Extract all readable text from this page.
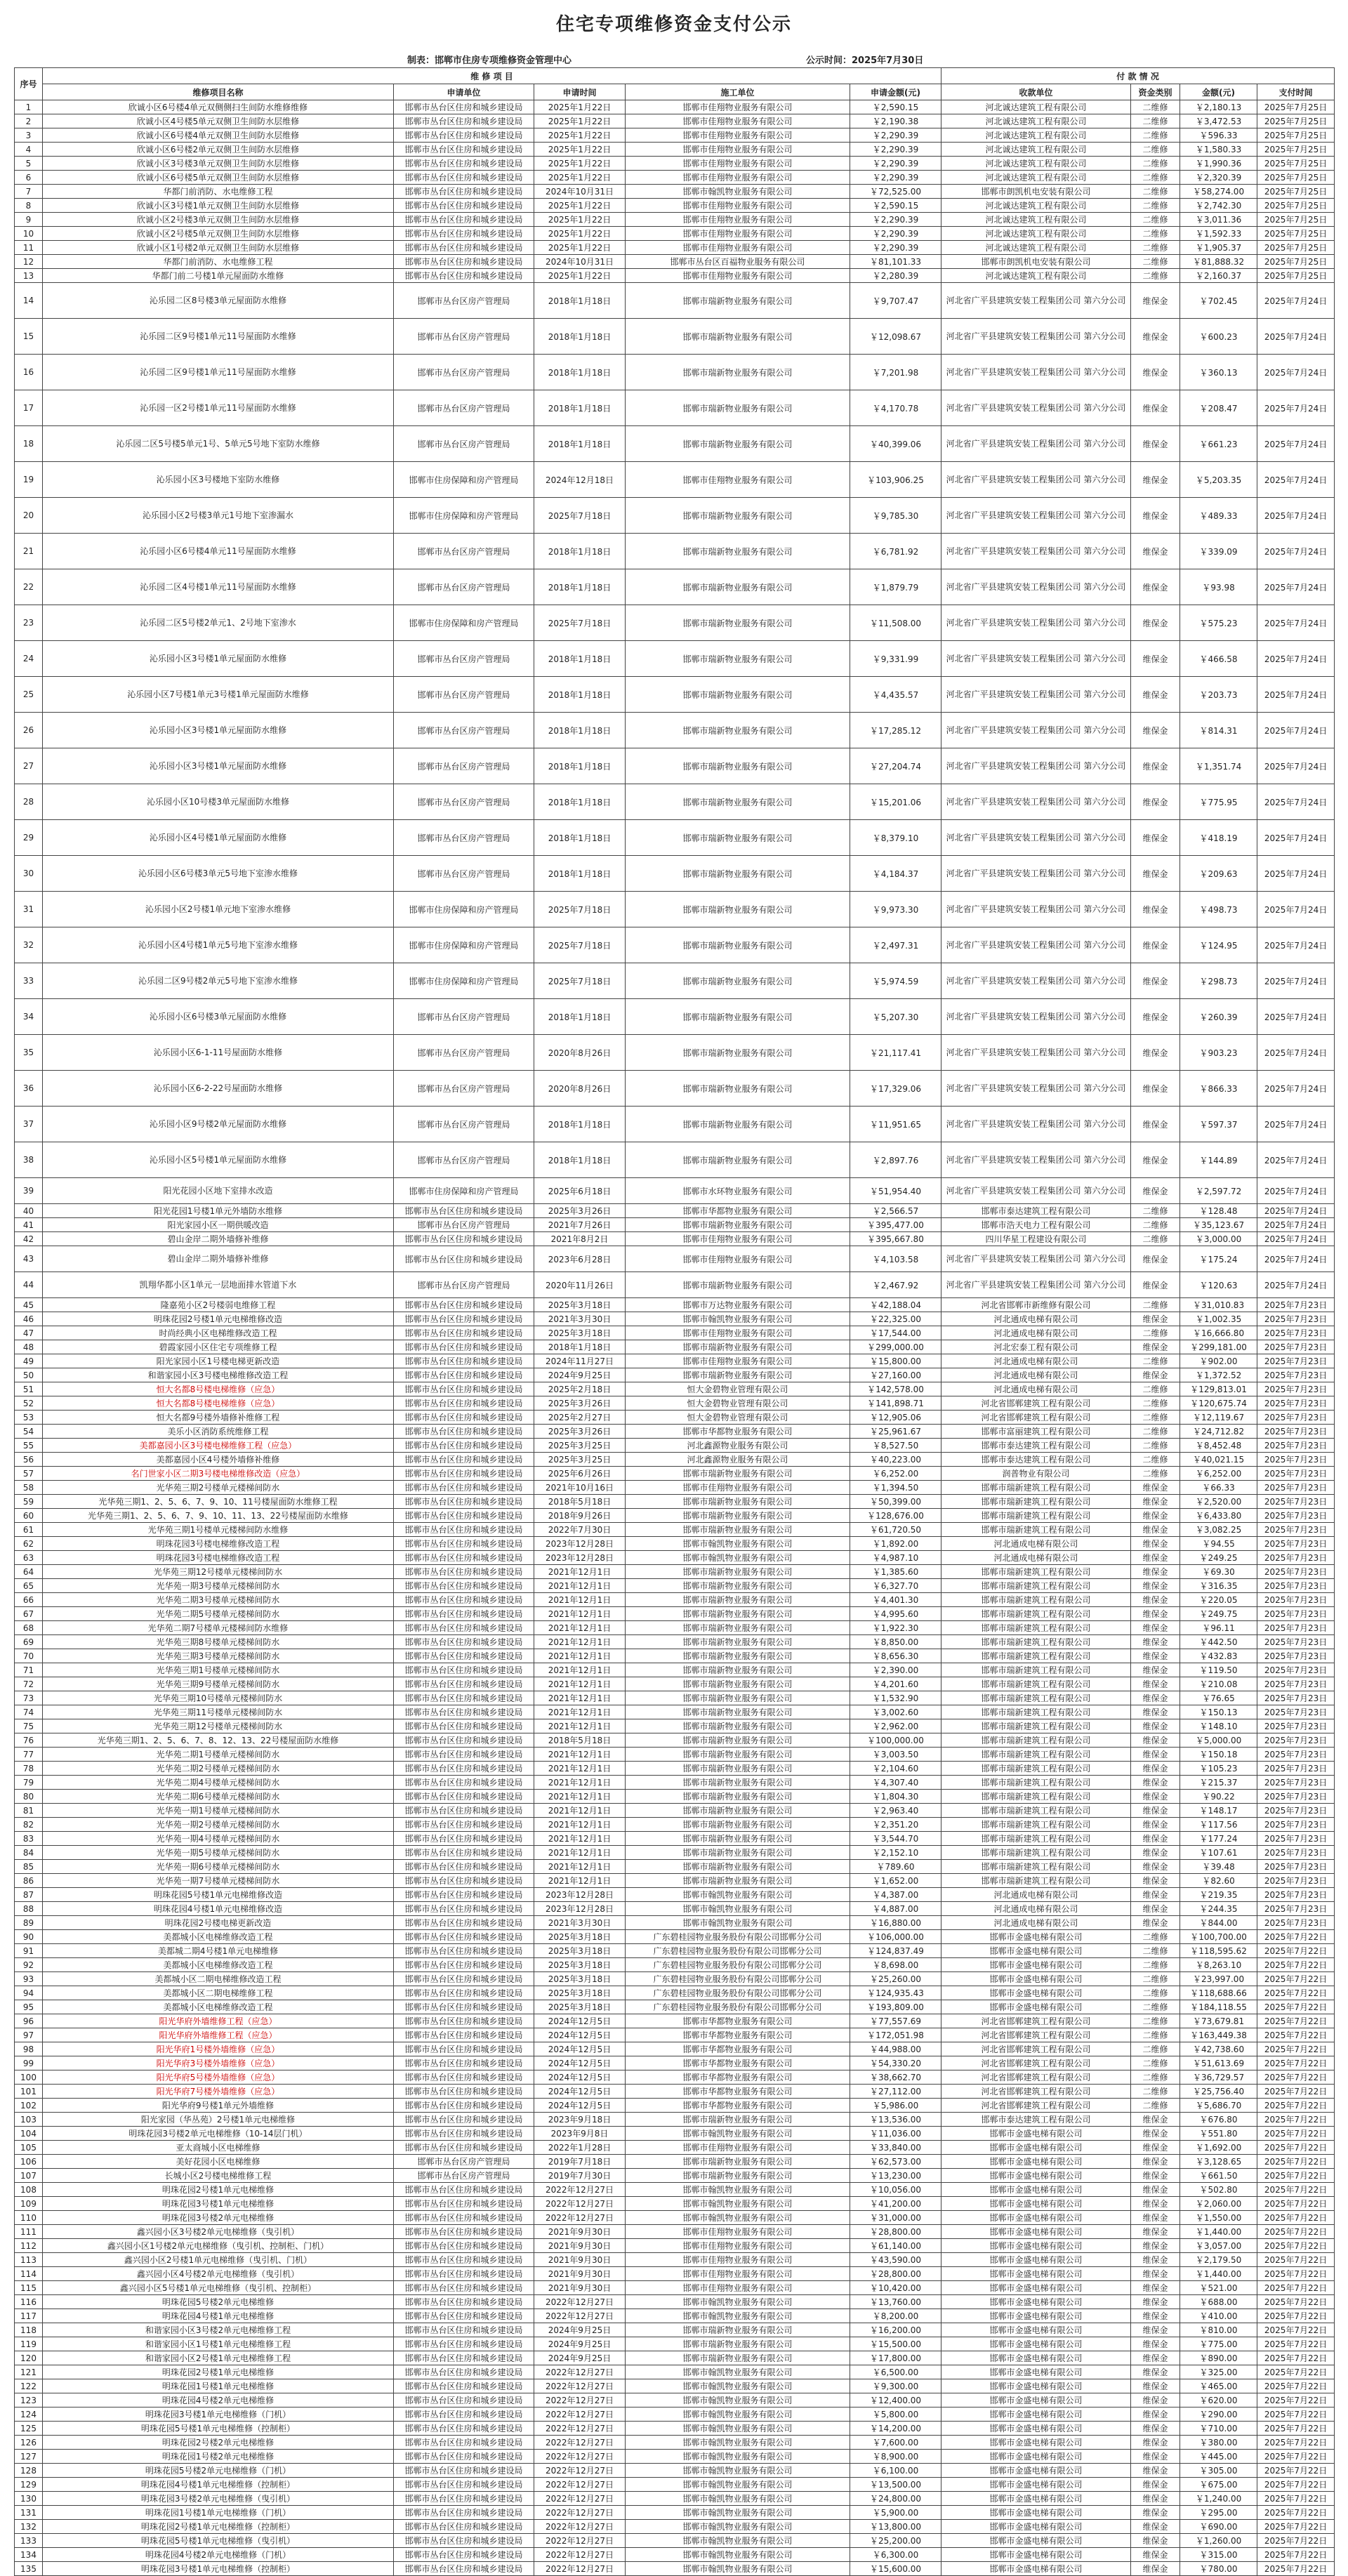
住宅专项维修资金支付公示
制表：邯郸市住房专项维修资金管理中心	公示时间：2025年7月30日
序号	维 修 项 目					付 款 情 况			
	维修项目名称	申请单位	申请时间	施工单位	申请金额(元)	收款单位	资金类别	金额(元)	支付时间
1	欣诚小区6号楼4单元双侧侧扫生间防水维修维修	邯郸市丛台区住房和城乡建设局	2025年1月22日	邯郸市佳翔物业服务有限公司	￥2,590.15	河北诚达建筑工程有限公司	二维修	￥2,180.13	2025年7月25日
2	欣诚小区4号楼5单元双侧卫生间防水层维修	邯郸市丛台区住房和城乡建设局	2025年1月22日	邯郸市佳翔物业服务有限公司	￥2,190.38	河北诚达建筑工程有限公司	二维修	￥3,472.53	2025年7月25日
3	欣诚小区6号楼4单元双侧卫生间防水层维修	邯郸市丛台区住房和城乡建设局	2025年1月22日	邯郸市佳翔物业服务有限公司	￥2,290.39	河北诚达建筑工程有限公司	二维修	￥596.33	2025年7月25日
4	欣诚小区6号楼2单元双侧卫生间防水层维修	邯郸市丛台区住房和城乡建设局	2025年1月22日	邯郸市佳翔物业服务有限公司	￥2,290.39	河北诚达建筑工程有限公司	二维修	￥1,580.33	2025年7月25日
5	欣诚小区3号楼3单元双侧卫生间防水层维修	邯郸市丛台区住房和城乡建设局	2025年1月22日	邯郸市佳翔物业服务有限公司	￥2,290.39	河北诚达建筑工程有限公司	二维修	￥1,990.36	2025年7月25日
6	欣诚小区6号楼5单元双侧卫生间防水层维修	邯郸市丛台区住房和城乡建设局	2025年1月22日	邯郸市佳翔物业服务有限公司	￥2,290.39	河北诚达建筑工程有限公司	二维修	￥2,320.39	2025年7月25日
7	华都门前消防、水电维修工程	邯郸市丛台区住房和城乡建设局	2024年10月31日	邯郸市翰凯物业服务有限公司	￥72,525.00	邯郸市朗凯机电安装有限公司	二维修	￥58,274.00	2025年7月25日
8	欣诚小区3号楼1单元双侧卫生间防水层维修	邯郸市丛台区住房和城乡建设局	2025年1月22日	邯郸市佳翔物业服务有限公司	￥2,590.15	河北诚达建筑工程有限公司	二维修	￥2,742.30	2025年7月25日
9	欣诚小区2号楼3单元双侧卫生间防水层维修	邯郸市丛台区住房和城乡建设局	2025年1月22日	邯郸市佳翔物业服务有限公司	￥2,290.39	河北诚达建筑工程有限公司	二维修	￥3,011.36	2025年7月25日
10	欣诚小区2号楼5单元双侧卫生间防水层维修	邯郸市丛台区住房和城乡建设局	2025年1月22日	邯郸市佳翔物业服务有限公司	￥2,290.39	河北诚达建筑工程有限公司	二维修	￥1,592.33	2025年7月25日
11	欣诚小区1号楼2单元双侧卫生间防水层维修	邯郸市丛台区住房和城乡建设局	2025年1月22日	邯郸市佳翔物业服务有限公司	￥2,290.39	河北诚达建筑工程有限公司	二维修	￥1,905.37	2025年7月25日
12	华都门前消防、水电维修工程	邯郸市丛台区住房和城乡建设局	2024年10月31日	邯郸市丛台区百福物业服务有限公司	￥81,101.33	邯郸市朗凯机电安装有限公司	二维修	￥81,888.32	2025年7月25日
13	华都门前二号楼1单元屋面防水维修	邯郸市丛台区住房和城乡建设局	2025年1月22日	邯郸市佳翔物业服务有限公司	￥2,280.39	河北诚达建筑工程有限公司	二维修	￥2,160.37	2025年7月25日
14	沁乐园二区8号楼3单元屋面防水维修	邯郸市丛台区房产管理局	2018年1月18日	邯郸市瑞新物业服务有限公司	￥9,707.47	河北省广平县建筑安装工程集团公司 第六分公司	维保金	￥702.45	2025年7月24日
15	沁乐园二区9号楼1单元11号屋面防水维修	邯郸市丛台区房产管理局	2018年1月18日	邯郸市瑞新物业服务有限公司	￥12,098.67	河北省广平县建筑安装工程集团公司 第六分公司	维保金	￥600.23	2025年7月24日
16	沁乐园二区9号楼1单元11号屋面防水维修	邯郸市丛台区房产管理局	2018年1月18日	邯郸市瑞新物业服务有限公司	￥7,201.98	河北省广平县建筑安装工程集团公司 第六分公司	维保金	￥360.13	2025年7月24日
17	沁乐园一区2号楼1单元11号屋面防水维修	邯郸市丛台区房产管理局	2018年1月18日	邯郸市瑞新物业服务有限公司	￥4,170.78	河北省广平县建筑安装工程集团公司 第六分公司	维保金	￥208.47	2025年7月24日
18	沁乐园二区5号楼5单元1号、5单元5号地下室防水维修	邯郸市丛台区房产管理局	2018年1月18日	邯郸市瑞新物业服务有限公司	￥40,399.06	河北省广平县建筑安装工程集团公司 第六分公司	维保金	￥661.23	2025年7月24日
19	沁乐园小区3号楼地下室防水维修	邯郸市住房保障和房产管理局	2024年12月18日	邯郸市佳翔物业服务有限公司	￥103,906.25	河北省广平县建筑安装工程集团公司 第六分公司	维保金	￥5,203.35	2025年7月24日
20	沁乐园小区2号楼3单元1号地下室渗漏水	邯郸市住房保障和房产管理局	2025年7月18日	邯郸市瑞新物业服务有限公司	￥9,785.30	河北省广平县建筑安装工程集团公司 第六分公司	维保金	￥489.33	2025年7月24日
21	沁乐园小区6号楼4单元11号屋面防水维修	邯郸市丛台区房产管理局	2018年1月18日	邯郸市瑞新物业服务有限公司	￥6,781.92	河北省广平县建筑安装工程集团公司 第六分公司	维保金	￥339.09	2025年7月24日
22	沁乐园二区4号楼1单元11号屋面防水维修	邯郸市丛台区房产管理局	2018年1月18日	邯郸市瑞新物业服务有限公司	￥1,879.79	河北省广平县建筑安装工程集团公司 第六分公司	维保金	￥93.98	2025年7月24日
23	沁乐园二区5号楼2单元1、2号地下室渗水	邯郸市住房保障和房产管理局	2025年7月18日	邯郸市瑞新物业服务有限公司	￥11,508.00	河北省广平县建筑安装工程集团公司 第六分公司	维保金	￥575.23	2025年7月24日
24	沁乐园小区3号楼1单元屋面防水维修	邯郸市丛台区房产管理局	2018年1月18日	邯郸市瑞新物业服务有限公司	￥9,331.99	河北省广平县建筑安装工程集团公司 第六分公司	维保金	￥466.58	2025年7月24日
25	沁乐园小区7号楼1单元3号楼1单元屋面防水维修	邯郸市丛台区房产管理局	2018年1月18日	邯郸市瑞新物业服务有限公司	￥4,435.57	河北省广平县建筑安装工程集团公司 第六分公司	维保金	￥203.73	2025年7月24日
26	沁乐园小区3号楼1单元屋面防水维修	邯郸市丛台区房产管理局	2018年1月18日	邯郸市瑞新物业服务有限公司	￥17,285.12	河北省广平县建筑安装工程集团公司 第六分公司	维保金	￥814.31	2025年7月24日
27	沁乐园小区3号楼1单元屋面防水维修	邯郸市丛台区房产管理局	2018年1月18日	邯郸市瑞新物业服务有限公司	￥27,204.74	河北省广平县建筑安装工程集团公司 第六分公司	维保金	￥1,351.74	2025年7月24日
28	沁乐园小区10号楼3单元屋面防水维修	邯郸市丛台区房产管理局	2018年1月18日	邯郸市瑞新物业服务有限公司	￥15,201.06	河北省广平县建筑安装工程集团公司 第六分公司	维保金	￥775.95	2025年7月24日
29	沁乐园小区4号楼1单元屋面防水维修	邯郸市丛台区房产管理局	2018年1月18日	邯郸市瑞新物业服务有限公司	￥8,379.10	河北省广平县建筑安装工程集团公司 第六分公司	维保金	￥418.19	2025年7月24日
30	沁乐园小区6号楼3单元5号地下室渗水维修	邯郸市丛台区房产管理局	2018年1月18日	邯郸市瑞新物业服务有限公司	￥4,184.37	河北省广平县建筑安装工程集团公司 第六分公司	维保金	￥209.63	2025年7月24日
31	沁乐园小区2号楼1单元地下室渗水维修	邯郸市住房保障和房产管理局	2025年7月18日	邯郸市瑞新物业服务有限公司	￥9,973.30	河北省广平县建筑安装工程集团公司 第六分公司	维保金	￥498.73	2025年7月24日
32	沁乐园小区4号楼1单元5号地下室渗水维修	邯郸市住房保障和房产管理局	2025年7月18日	邯郸市瑞新物业服务有限公司	￥2,497.31	河北省广平县建筑安装工程集团公司 第六分公司	维保金	￥124.95	2025年7月24日
33	沁乐园二区9号楼2单元5号地下室渗水维修	邯郸市住房保障和房产管理局	2025年7月18日	邯郸市瑞新物业服务有限公司	￥5,974.59	河北省广平县建筑安装工程集团公司 第六分公司	维保金	￥298.73	2025年7月24日
34	沁乐园小区6号楼3单元屋面防水维修	邯郸市丛台区房产管理局	2018年1月18日	邯郸市瑞新物业服务有限公司	￥5,207.30	河北省广平县建筑安装工程集团公司 第六分公司	维保金	￥260.39	2025年7月24日
35	沁乐园小区6-1-11号屋面防水维修	邯郸市丛台区房产管理局	2020年8月26日	邯郸市瑞新物业服务有限公司	￥21,117.41	河北省广平县建筑安装工程集团公司 第六分公司	维保金	￥903.23	2025年7月24日
36	沁乐园小区6-2-22号屋面防水维修	邯郸市丛台区房产管理局	2020年8月26日	邯郸市瑞新物业服务有限公司	￥17,329.06	河北省广平县建筑安装工程集团公司 第六分公司	维保金	￥866.33	2025年7月24日
37	沁乐园小区9号楼2单元屋面防水维修	邯郸市丛台区房产管理局	2018年1月18日	邯郸市瑞新物业服务有限公司	￥11,951.65	河北省广平县建筑安装工程集团公司 第六分公司	维保金	￥597.37	2025年7月24日
38	沁乐园小区5号楼1单元屋面防水维修	邯郸市丛台区房产管理局	2018年1月18日	邯郸市瑞新物业服务有限公司	￥2,897.76	河北省广平县建筑安装工程集团公司 第六分公司	维保金	￥144.89	2025年7月24日
39	阳光花园小区地下室排水改造	邯郸市住房保障和房产管理局	2025年6月18日	邯郸市水环物业服务有限公司	￥51,954.40	河北省广平县建筑安装工程集团公司 第六分公司	维保金	￥2,597.72	2025年7月24日
40	阳光花园1号楼1单元外墙防水维修	邯郸市丛台区住房和城乡建设局	2025年3月26日	邯郸市华都物业服务有限公司	￥2,566.57	邯郸市泰达建筑工程有限公司	二维修	￥128.48	2025年7月24日
41	阳光家园小区一期供暖改造	邯郸市丛台区房产管理局	2021年7月26日	邯郸市瑞新物业服务有限公司	￥395,477.00	邯郸市浩天电力工程有限公司	二维修	￥35,123.67	2025年7月24日
42	碧山金岸二期外墙修补维修	邯郸市丛台区住房和城乡建设局	2021年8月2日	邯郸市佳翔物业服务有限公司	￥395,667.80	四川华星工程建设有限公司	二维修	￥3,000.00	2025年7月24日
43	碧山金岸二期外墙修补维修	邯郸市丛台区住房和城乡建设局	2023年6月28日	邯郸市佳翔物业服务有限公司	￥4,103.58	河北省广平县建筑安装工程集团公司 第六分公司	维保金	￥175.24	2025年7月24日
44	凯翔华都小区1单元一层地面排水管道下水	邯郸市丛台区房产管理局	2020年11月26日	邯郸市瑞新物业服务有限公司	￥2,467.92	河北省广平县建筑安装工程集团公司 第六分公司	维保金	￥120.63	2025年7月24日
45	隆嘉苑小区2号楼弱电维修工程	邯郸市丛台区住房和城乡建设局	2025年3月18日	邯郸市万达物业服务有限公司	￥42,188.04	河北省邯郸市新维修有限公司	二维修	￥31,010.83	2025年7月23日
46	明珠花园2号楼1单元电梯维修改造	邯郸市丛台区住房和城乡建设局	2021年3月30日	邯郸市翰凯物业服务有限公司	￥22,325.00	河北通成电梯有限公司	维保金	￥1,002.35	2025年7月23日
47	时尚经典小区电梯维修改造工程	邯郸市丛台区住房和城乡建设局	2025年3月18日	邯郸市佳翔物业服务有限公司	￥17,544.00	河北通成电梯有限公司	二维修	￥16,666.80	2025年7月23日
48	碧霞家园小区住宅专项维修工程	邯郸市丛台区住房和城乡建设局	2018年1月18日	邯郸市瑞新物业服务有限公司	￥299,000.00	河北宏泰工程有限公司	维保金	￥299,181.00	2025年7月23日
49	阳光家园小区1号楼电梯更新改造	邯郸市丛台区住房和城乡建设局	2024年11月27日	邯郸市佳翔物业服务有限公司	￥15,800.00	河北通成电梯有限公司	二维修	￥902.00	2025年7月23日
50	和谐家园小区3号楼电梯维修改造工程	邯郸市丛台区住房和城乡建设局	2024年9月25日	邯郸市瑞新物业服务有限公司	￥27,160.00	河北通成电梯有限公司	维保金	￥1,372.52	2025年7月23日
51	恒大名都8号楼电梯维修（应急）	邯郸市丛台区住房和城乡建设局	2025年2月18日	恒大金碧物业管理有限公司	￥142,578.00	河北通成电梯有限公司	二维修	￥129,813.01	2025年7月23日
52	恒大名都8号楼电梯维修（应急）	邯郸市丛台区住房和城乡建设局	2025年3月26日	恒大金碧物业管理有限公司	￥141,898.71	河北省邯郸建筑工程有限公司	二维修	￥120,675.74	2025年7月23日
53	恒大名都9号楼外墙修补维修工程	邯郸市丛台区住房和城乡建设局	2025年2月27日	恒大金碧物业管理有限公司	￥12,905.06	河北省邯郸建筑工程有限公司	二维修	￥12,119.67	2025年7月23日
54	美乐小区消防系统维修工程	邯郸市丛台区住房和城乡建设局	2025年3月26日	邯郸市华都物业服务有限公司	￥25,961.67	邯郸市富丽建筑工程有限公司	二维修	￥24,712.82	2025年7月23日
55	美都嘉园小区3号楼电梯维修工程（应急）	邯郸市丛台区住房和城乡建设局	2025年3月25日	河北鑫源物业服务有限公司	￥8,527.50	邯郸市泰达建筑工程有限公司	二维修	￥8,452.48	2025年7月23日
56	美都嘉园小区4号楼外墙修补维修	邯郸市丛台区住房和城乡建设局	2025年3月25日	河北鑫源物业服务有限公司	￥40,223.00	邯郸市泰达建筑工程有限公司	二维修	￥40,021.15	2025年7月23日
57	名门世家小区二期3号楼电梯维修改造（应急）	邯郸市丛台区住房和城乡建设局	2025年6月26日	邯郸市瑞新物业服务有限公司	￥6,252.00	润普物业有限公司	二维修	￥6,252.00	2025年7月23日
58	光华苑三期2号楼单元楼梯间防水	邯郸市丛台区住房和城乡建设局	2021年10月16日	邯郸市佳翔物业服务有限公司	￥1,394.50	邯郸市瑞新建筑工程有限公司	维保金	￥66.33	2025年7月23日
59	光华苑三期1、2、5、6、7、9、10、11号楼屋面防水维修工程	邯郸市丛台区住房和城乡建设局	2018年5月18日	邯郸市瑞新物业服务有限公司	￥50,399.00	邯郸市瑞新建筑工程有限公司	维保金	￥2,520.00	2025年7月23日
60	光华苑三期1、2、5、6、7、9、10、11、13、22号楼屋面防水维修	邯郸市丛台区住房和城乡建设局	2018年9月26日	邯郸市瑞新物业服务有限公司	￥128,676.00	邯郸市瑞新建筑工程有限公司	维保金	￥6,433.80	2025年7月23日
61	光华苑三期1号楼单元楼梯间防水维修	邯郸市丛台区住房和城乡建设局	2022年7月30日	邯郸市瑞新物业服务有限公司	￥61,720.50	邯郸市瑞新建筑工程有限公司	维保金	￥3,082.25	2025年7月23日
62	明珠花园3号楼电梯维修改造工程	邯郸市丛台区住房和城乡建设局	2023年12月28日	邯郸市翰凯物业服务有限公司	￥1,892.00	河北通成电梯有限公司	维保金	￥94.55	2025年7月23日
63	明珠花园3号楼电梯维修改造工程	邯郸市丛台区住房和城乡建设局	2023年12月28日	邯郸市翰凯物业服务有限公司	￥4,987.10	河北通成电梯有限公司	维保金	￥249.25	2025年7月23日
64	光华苑三期12号楼单元楼梯间防水	邯郸市丛台区住房和城乡建设局	2021年12月1日	邯郸市瑞新物业服务有限公司	￥1,385.60	邯郸市瑞新建筑工程有限公司	维保金	￥69.30	2025年7月23日
65	光华苑一期3号楼单元楼梯间防水	邯郸市丛台区住房和城乡建设局	2021年12月1日	邯郸市瑞新物业服务有限公司	￥6,327.70	邯郸市瑞新建筑工程有限公司	维保金	￥316.35	2025年7月23日
66	光华苑二期3号楼单元楼梯间防水	邯郸市丛台区住房和城乡建设局	2021年12月1日	邯郸市瑞新物业服务有限公司	￥4,401.30	邯郸市瑞新建筑工程有限公司	维保金	￥220.05	2025年7月23日
67	光华苑二期5号楼单元楼梯间防水	邯郸市丛台区住房和城乡建设局	2021年12月1日	邯郸市瑞新物业服务有限公司	￥4,995.60	邯郸市瑞新建筑工程有限公司	维保金	￥249.75	2025年7月23日
68	光华苑二期7号楼单元楼梯间防水维修	邯郸市丛台区住房和城乡建设局	2021年12月1日	邯郸市瑞新物业服务有限公司	￥1,922.30	邯郸市瑞新建筑工程有限公司	维保金	￥96.11	2025年7月23日
69	光华苑三期8号楼单元楼梯间防水	邯郸市丛台区住房和城乡建设局	2021年12月1日	邯郸市瑞新物业服务有限公司	￥8,850.00	邯郸市瑞新建筑工程有限公司	维保金	￥442.50	2025年7月23日
70	光华苑三期3号楼单元楼梯间防水	邯郸市丛台区住房和城乡建设局	2021年12月1日	邯郸市瑞新物业服务有限公司	￥8,656.30	邯郸市瑞新建筑工程有限公司	维保金	￥432.83	2025年7月23日
71	光华苑三期1号楼单元楼梯间防水	邯郸市丛台区住房和城乡建设局	2021年12月1日	邯郸市瑞新物业服务有限公司	￥2,390.00	邯郸市瑞新建筑工程有限公司	维保金	￥119.50	2025年7月23日
72	光华苑三期9号楼单元楼梯间防水	邯郸市丛台区住房和城乡建设局	2021年12月1日	邯郸市瑞新物业服务有限公司	￥4,201.60	邯郸市瑞新建筑工程有限公司	维保金	￥210.08	2025年7月23日
73	光华苑三期10号楼单元楼梯间防水	邯郸市丛台区住房和城乡建设局	2021年12月1日	邯郸市瑞新物业服务有限公司	￥1,532.90	邯郸市瑞新建筑工程有限公司	维保金	￥76.65	2025年7月23日
74	光华苑三期11号楼单元楼梯间防水	邯郸市丛台区住房和城乡建设局	2021年12月1日	邯郸市瑞新物业服务有限公司	￥3,002.60	邯郸市瑞新建筑工程有限公司	维保金	￥150.13	2025年7月23日
75	光华苑三期12号楼单元楼梯间防水	邯郸市丛台区住房和城乡建设局	2021年12月1日	邯郸市瑞新物业服务有限公司	￥2,962.00	邯郸市瑞新建筑工程有限公司	维保金	￥148.10	2025年7月23日
76	光华苑三期1、2、5、6、7、8、12、13、22号楼屋面防水维修	邯郸市丛台区住房和城乡建设局	2018年5月18日	邯郸市瑞新物业服务有限公司	￥100,000.00	邯郸市瑞新建筑工程有限公司	维保金	￥5,000.00	2025年7月23日
77	光华苑二期1号楼单元楼梯间防水	邯郸市丛台区住房和城乡建设局	2021年12月1日	邯郸市瑞新物业服务有限公司	￥3,003.50	邯郸市瑞新建筑工程有限公司	维保金	￥150.18	2025年7月23日
78	光华苑二期2号楼单元楼梯间防水	邯郸市丛台区住房和城乡建设局	2021年12月1日	邯郸市瑞新物业服务有限公司	￥2,104.60	邯郸市瑞新建筑工程有限公司	维保金	￥105.23	2025年7月23日
79	光华苑二期4号楼单元楼梯间防水	邯郸市丛台区住房和城乡建设局	2021年12月1日	邯郸市瑞新物业服务有限公司	￥4,307.40	邯郸市瑞新建筑工程有限公司	维保金	￥215.37	2025年7月23日
80	光华苑二期6号楼单元楼梯间防水	邯郸市丛台区住房和城乡建设局	2021年12月1日	邯郸市瑞新物业服务有限公司	￥1,804.30	邯郸市瑞新建筑工程有限公司	维保金	￥90.22	2025年7月23日
81	光华苑一期1号楼单元楼梯间防水	邯郸市丛台区住房和城乡建设局	2021年12月1日	邯郸市瑞新物业服务有限公司	￥2,963.40	邯郸市瑞新建筑工程有限公司	维保金	￥148.17	2025年7月23日
82	光华苑一期2号楼单元楼梯间防水	邯郸市丛台区住房和城乡建设局	2021年12月1日	邯郸市瑞新物业服务有限公司	￥2,351.20	邯郸市瑞新建筑工程有限公司	维保金	￥117.56	2025年7月23日
83	光华苑一期4号楼单元楼梯间防水	邯郸市丛台区住房和城乡建设局	2021年12月1日	邯郸市瑞新物业服务有限公司	￥3,544.70	邯郸市瑞新建筑工程有限公司	维保金	￥177.24	2025年7月23日
84	光华苑一期5号楼单元楼梯间防水	邯郸市丛台区住房和城乡建设局	2021年12月1日	邯郸市瑞新物业服务有限公司	￥2,152.10	邯郸市瑞新建筑工程有限公司	维保金	￥107.61	2025年7月23日
85	光华苑一期6号楼单元楼梯间防水	邯郸市丛台区住房和城乡建设局	2021年12月1日	邯郸市瑞新物业服务有限公司	￥789.60	邯郸市瑞新建筑工程有限公司	维保金	￥39.48	2025年7月23日
86	光华苑一期7号楼单元楼梯间防水	邯郸市丛台区住房和城乡建设局	2021年12月1日	邯郸市瑞新物业服务有限公司	￥1,652.00	邯郸市瑞新建筑工程有限公司	维保金	￥82.60	2025年7月23日
87	明珠花园5号楼1单元电梯维修改造	邯郸市丛台区住房和城乡建设局	2023年12月28日	邯郸市翰凯物业服务有限公司	￥4,387.00	河北通成电梯有限公司	维保金	￥219.35	2025年7月23日
88	明珠花园4号楼1单元电梯维修改造	邯郸市丛台区住房和城乡建设局	2023年12月28日	邯郸市翰凯物业服务有限公司	￥4,887.00	河北通成电梯有限公司	维保金	￥244.35	2025年7月23日
89	明珠花园2号楼电梯更新改造	邯郸市丛台区住房和城乡建设局	2021年3月30日	邯郸市翰凯物业服务有限公司	￥16,880.00	河北通成电梯有限公司	维保金	￥844.00	2025年7月23日
90	美都城小区电梯维修改造工程	邯郸市丛台区住房和城乡建设局	2025年3月18日	广东碧桂园物业服务股份有限公司邯郸分公司	￥106,000.00	邯郸市金盛电梯有限公司	二维修	￥100,700.00	2025年7月22日
91	美都城二期4号楼1单元电梯维修	邯郸市丛台区住房和城乡建设局	2025年3月18日	广东碧桂园物业服务股份有限公司邯郸分公司	￥124,837.49	邯郸市金盛电梯有限公司	二维修	￥118,595.62	2025年7月22日
92	美都城小区电梯维修改造工程	邯郸市丛台区住房和城乡建设局	2025年3月18日	广东碧桂园物业服务股份有限公司邯郸分公司	￥8,698.00	邯郸市金盛电梯有限公司	二维修	￥8,263.10	2025年7月22日
93	美都城小区二期电梯维修改造工程	邯郸市丛台区住房和城乡建设局	2025年3月18日	广东碧桂园物业服务股份有限公司邯郸分公司	￥25,260.00	邯郸市金盛电梯有限公司	二维修	￥23,997.00	2025年7月22日
94	美都城小区二期电梯维修工程	邯郸市丛台区住房和城乡建设局	2025年3月18日	广东碧桂园物业服务股份有限公司邯郸分公司	￥124,935.43	邯郸市金盛电梯有限公司	二维修	￥118,688.66	2025年7月22日
95	美都城小区电梯维修改造工程	邯郸市丛台区住房和城乡建设局	2025年3月18日	广东碧桂园物业服务股份有限公司邯郸分公司	￥193,809.00	邯郸市金盛电梯有限公司	二维修	￥184,118.55	2025年7月22日
96	阳光华府外墙维修工程（应急）	邯郸市丛台区住房和城乡建设局	2024年12月5日	邯郸市华都物业服务有限公司	￥77,557.69	河北省邯郸建筑工程有限公司	二维修	￥73,679.81	2025年7月22日
97	阳光华府外墙维修工程（应急）	邯郸市丛台区住房和城乡建设局	2024年12月5日	邯郸市华都物业服务有限公司	￥172,051.98	河北省邯郸建筑工程有限公司	二维修	￥163,449.38	2025年7月22日
98	阳光华府1号楼外墙维修（应急）	邯郸市丛台区住房和城乡建设局	2024年12月5日	邯郸市华都物业服务有限公司	￥44,988.00	河北省邯郸建筑工程有限公司	二维修	￥42,738.60	2025年7月22日
99	阳光华府3号楼外墙维修（应急）	邯郸市丛台区住房和城乡建设局	2024年12月5日	邯郸市华都物业服务有限公司	￥54,330.20	河北省邯郸建筑工程有限公司	二维修	￥51,613.69	2025年7月22日
100	阳光华府5号楼外墙维修（应急）	邯郸市丛台区住房和城乡建设局	2024年12月5日	邯郸市华都物业服务有限公司	￥38,662.70	河北省邯郸建筑工程有限公司	二维修	￥36,729.57	2025年7月22日
101	阳光华府7号楼外墙维修（应急）	邯郸市丛台区住房和城乡建设局	2024年12月5日	邯郸市华都物业服务有限公司	￥27,112.00	河北省邯郸建筑工程有限公司	二维修	￥25,756.40	2025年7月22日
102	阳光华府9号楼1单元外墙维修	邯郸市丛台区住房和城乡建设局	2024年12月5日	邯郸市华都物业服务有限公司	￥5,986.00	河北省邯郸建筑工程有限公司	二维修	￥5,686.70	2025年7月22日
103	阳光家园（华丛苑）2号楼1单元电梯维修	邯郸市丛台区住房和城乡建设局	2023年9月18日	邯郸市瑞新物业服务有限公司	￥13,536.00	邯郸市泰达建筑工程有限公司	维保金	￥676.80	2025年7月22日
104	明珠花园3号楼2单元电梯维修（10-14层门机）	邯郸市丛台区住房和城乡建设局	2023年9月8日	邯郸市翰凯物业服务有限公司	￥11,036.00	邯郸市金盛电梯有限公司	维保金	￥551.80	2025年7月22日
105	亚太商城小区电梯维修	邯郸市丛台区住房和城乡建设局	2022年1月28日	邯郸市佳翔物业服务有限公司	￥33,840.00	邯郸市金盛电梯有限公司	维保金	￥1,692.00	2025年7月22日
106	美好花园小区电梯维修	邯郸市丛台区房产管理局	2019年7月18日	邯郸市瑞新物业服务有限公司	￥62,573.00	邯郸市金盛电梯有限公司	维保金	￥3,128.65	2025年7月22日
107	长城小区2号楼电梯维修工程	邯郸市丛台区房产管理局	2019年7月30日	邯郸市瑞新物业服务有限公司	￥13,230.00	邯郸市金盛电梯有限公司	维保金	￥661.50	2025年7月22日
108	明珠花园2号楼1单元电梯维修	邯郸市丛台区住房和城乡建设局	2022年12月27日	邯郸市翰凯物业服务有限公司	￥10,056.00	邯郸市金盛电梯有限公司	维保金	￥502.80	2025年7月22日
109	明珠花园3号楼1单元电梯维修	邯郸市丛台区住房和城乡建设局	2022年12月27日	邯郸市翰凯物业服务有限公司	￥41,200.00	邯郸市金盛电梯有限公司	维保金	￥2,060.00	2025年7月22日
110	明珠花园3号楼2单元电梯维修	邯郸市丛台区住房和城乡建设局	2022年12月27日	邯郸市翰凯物业服务有限公司	￥31,000.00	邯郸市金盛电梯有限公司	维保金	￥1,550.00	2025年7月22日
111	鑫兴园小区3号楼2单元电梯维修（曳引机）	邯郸市丛台区住房和城乡建设局	2021年9月30日	邯郸市佳翔物业服务有限公司	￥28,800.00	邯郸市金盛电梯有限公司	维保金	￥1,440.00	2025年7月22日
112	鑫兴园小区1号楼2单元电梯维修（曳引机、控制柜、门机）	邯郸市丛台区住房和城乡建设局	2021年9月30日	邯郸市佳翔物业服务有限公司	￥61,140.00	邯郸市金盛电梯有限公司	维保金	￥3,057.00	2025年7月22日
113	鑫兴园小区2号楼1单元电梯维修（曳引机、门机）	邯郸市丛台区住房和城乡建设局	2021年9月30日	邯郸市佳翔物业服务有限公司	￥43,590.00	邯郸市金盛电梯有限公司	维保金	￥2,179.50	2025年7月22日
114	鑫兴园小区4号楼2单元电梯维修（曳引机）	邯郸市丛台区住房和城乡建设局	2021年9月30日	邯郸市佳翔物业服务有限公司	￥28,800.00	邯郸市金盛电梯有限公司	维保金	￥1,440.00	2025年7月22日
115	鑫兴园小区5号楼1单元电梯维修（曳引机、控制柜）	邯郸市丛台区住房和城乡建设局	2021年9月30日	邯郸市佳翔物业服务有限公司	￥10,420.00	邯郸市金盛电梯有限公司	维保金	￥521.00	2025年7月22日
116	明珠花园5号楼2单元电梯维修	邯郸市丛台区住房和城乡建设局	2022年12月27日	邯郸市翰凯物业服务有限公司	￥13,760.00	邯郸市金盛电梯有限公司	维保金	￥688.00	2025年7月22日
117	明珠花园4号楼1单元电梯维修	邯郸市丛台区住房和城乡建设局	2022年12月27日	邯郸市翰凯物业服务有限公司	￥8,200.00	邯郸市金盛电梯有限公司	维保金	￥410.00	2025年7月22日
118	和谐家园小区3号楼2单元电梯维修工程	邯郸市丛台区住房和城乡建设局	2024年9月25日	邯郸市瑞新物业服务有限公司	￥16,200.00	邯郸市金盛电梯有限公司	维保金	￥810.00	2025年7月22日
119	和谐家园小区1号楼1单元电梯维修工程	邯郸市丛台区住房和城乡建设局	2024年9月25日	邯郸市瑞新物业服务有限公司	￥15,500.00	邯郸市金盛电梯有限公司	维保金	￥775.00	2025年7月22日
120	和谐家园小区2号楼1单元电梯维修工程	邯郸市丛台区住房和城乡建设局	2024年9月25日	邯郸市瑞新物业服务有限公司	￥17,800.00	邯郸市金盛电梯有限公司	维保金	￥890.00	2025年7月22日
121	明珠花园2号楼1单元电梯维修	邯郸市丛台区住房和城乡建设局	2022年12月27日	邯郸市翰凯物业服务有限公司	￥6,500.00	邯郸市金盛电梯有限公司	维保金	￥325.00	2025年7月22日
122	明珠花园1号楼1单元电梯维修	邯郸市丛台区住房和城乡建设局	2022年12月27日	邯郸市翰凯物业服务有限公司	￥9,300.00	邯郸市金盛电梯有限公司	维保金	￥465.00	2025年7月22日
123	明珠花园4号楼2单元电梯维修	邯郸市丛台区住房和城乡建设局	2022年12月27日	邯郸市翰凯物业服务有限公司	￥12,400.00	邯郸市金盛电梯有限公司	维保金	￥620.00	2025年7月22日
124	明珠花园3号楼1单元电梯维修（门机）	邯郸市丛台区住房和城乡建设局	2022年12月27日	邯郸市翰凯物业服务有限公司	￥5,800.00	邯郸市金盛电梯有限公司	维保金	￥290.00	2025年7月22日
125	明珠花园5号楼1单元电梯维修（控制柜）	邯郸市丛台区住房和城乡建设局	2022年12月27日	邯郸市翰凯物业服务有限公司	￥14,200.00	邯郸市金盛电梯有限公司	维保金	￥710.00	2025年7月22日
126	明珠花园2号楼2单元电梯维修	邯郸市丛台区住房和城乡建设局	2022年12月27日	邯郸市翰凯物业服务有限公司	￥7,600.00	邯郸市金盛电梯有限公司	维保金	￥380.00	2025年7月22日
127	明珠花园1号楼2单元电梯维修	邯郸市丛台区住房和城乡建设局	2022年12月27日	邯郸市翰凯物业服务有限公司	￥8,900.00	邯郸市金盛电梯有限公司	维保金	￥445.00	2025年7月22日
128	明珠花园5号楼2单元电梯维修（门机）	邯郸市丛台区住房和城乡建设局	2022年12月27日	邯郸市翰凯物业服务有限公司	￥6,100.00	邯郸市金盛电梯有限公司	维保金	￥305.00	2025年7月22日
129	明珠花园4号楼1单元电梯维修（控制柜）	邯郸市丛台区住房和城乡建设局	2022年12月27日	邯郸市翰凯物业服务有限公司	￥13,500.00	邯郸市金盛电梯有限公司	维保金	￥675.00	2025年7月22日
130	明珠花园3号楼2单元电梯维修（曳引机）	邯郸市丛台区住房和城乡建设局	2022年12月27日	邯郸市翰凯物业服务有限公司	￥24,800.00	邯郸市金盛电梯有限公司	维保金	￥1,240.00	2025年7月22日
131	明珠花园1号楼1单元电梯维修（门机）	邯郸市丛台区住房和城乡建设局	2022年12月27日	邯郸市翰凯物业服务有限公司	￥5,900.00	邯郸市金盛电梯有限公司	维保金	￥295.00	2025年7月22日
132	明珠花园2号楼1单元电梯维修（控制柜）	邯郸市丛台区住房和城乡建设局	2022年12月27日	邯郸市翰凯物业服务有限公司	￥13,800.00	邯郸市金盛电梯有限公司	维保金	￥690.00	2025年7月22日
133	明珠花园5号楼1单元电梯维修（曳引机）	邯郸市丛台区住房和城乡建设局	2022年12月27日	邯郸市翰凯物业服务有限公司	￥25,200.00	邯郸市金盛电梯有限公司	维保金	￥1,260.00	2025年7月22日
134	明珠花园4号楼2单元电梯维修（门机）	邯郸市丛台区住房和城乡建设局	2022年12月27日	邯郸市翰凯物业服务有限公司	￥6,300.00	邯郸市金盛电梯有限公司	维保金	￥315.00	2025年7月22日
135	明珠花园3号楼1单元电梯维修（控制柜）	邯郸市丛台区住房和城乡建设局	2022年12月27日	邯郸市翰凯物业服务有限公司	￥15,600.00	邯郸市金盛电梯有限公司	维保金	￥780.00	2025年7月22日
